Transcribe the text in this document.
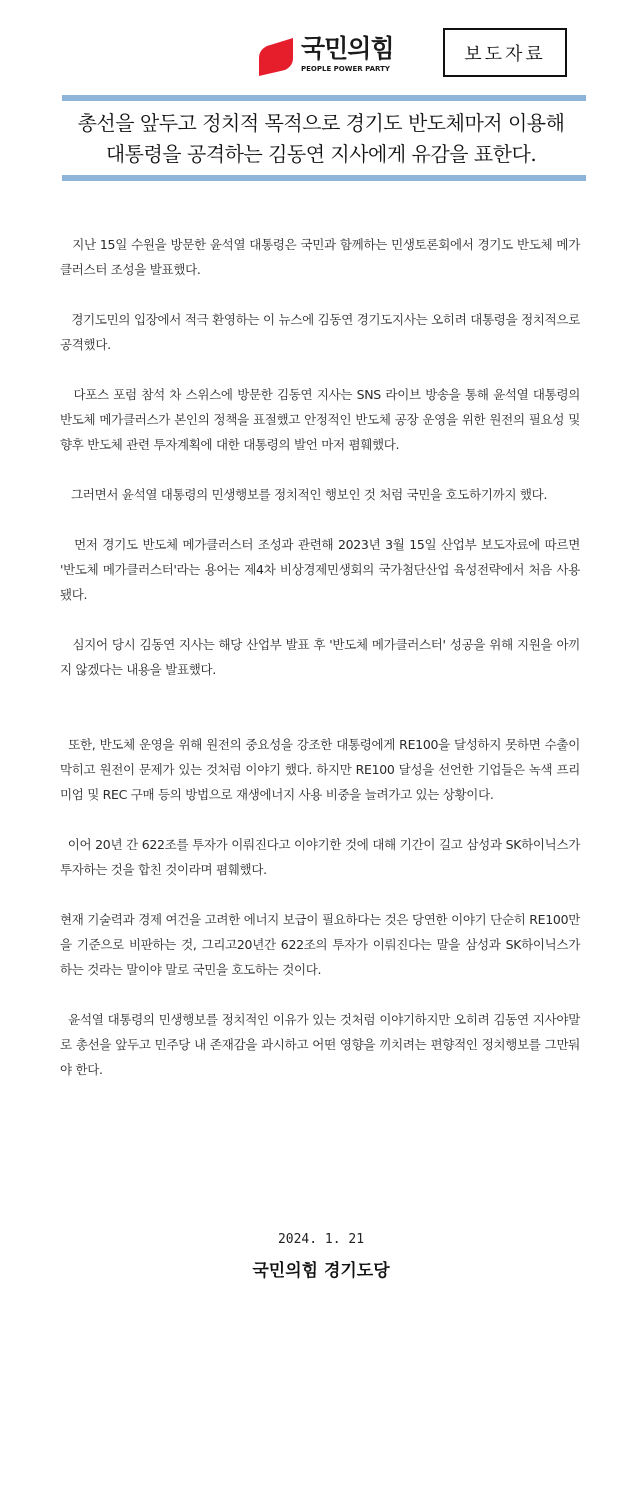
국민의힘
PEOPLE POWER PARTY
보도자료
총선을 앞두고 정치적 목적으로 경기도 반도체마저 이용해
대통령을 공격하는 김동연 지사에게 유감을 표한다.

지난 15일 수원을 방문한 윤석열 대통령은 국민과 함께하는 민생토론회에서 경기도 반도체 메가클러스터 조성을 발표했다.

경기도민의 입장에서 적극 환영하는 이 뉴스에 김동연 경기도지사는 오히려 대통령을 정치적으로 공격했다.

다포스 포럼 참석 차 스위스에 방문한 김동연 지사는 SNS 라이브 방송을 통해 윤석열 대통령의 반도체 메가클러스가 본인의 정책을 표절했고 안정적인 반도체 공장 운영을 위한 원전의 필요성 및 향후 반도체 관련 투자계획에 대한 대통령의 발언 마저 폄훼했다.

그러면서 윤석열 대통령의 민생행보를 정치적인 행보인 것 처럼 국민을 호도하기까지 했다.

먼저 경기도 반도체 메가클러스터 조성과 관련해 2023년 3월 15일 산업부 보도자료에 따르면 '반도체 메가클러스터'라는 용어는 제4차 비상경제민생회의 국가첨단산업 육성전략에서 처음 사용됐다.

심지어 당시 김동연 지사는 해당 산업부 발표 후 '반도체 메가클러스터' 성공을 위해 지원을 아끼지 않겠다는 내용을 발표했다.

또한, 반도체 운영을 위해 원전의 중요성을 강조한 대통령에게 RE100을 달성하지 못하면 수출이 막히고 원전이 문제가 있는 것처럼 이야기 했다. 하지만 RE100 달성을 선언한 기업들은 녹색 프리미엄 및 REC 구매 등의 방법으로 재생에너지 사용 비중을 늘려가고 있는 상황이다.

이어 20년 간 622조를 투자가 이뤄진다고 이야기한 것에 대해 기간이 길고 삼성과 SK하이닉스가 투자하는 것을 합친 것이라며 폄훼했다.

현재 기술력과 경제 여건을 고려한 에너지 보급이 필요하다는 것은 당연한 이야기 단순히 RE100만을 기준으로 비판하는 것, 그리고20년간 622조의 투자가 이뤄진다는 말을 삼성과 SK하이닉스가 하는 것라는 말이야 말로 국민을 호도하는 것이다.

윤석열 대통령의 민생행보를 정치적인 이유가 있는 것처럼 이야기하지만 오히려 김동연 지사야말로 총선을 앞두고 민주당 내 존재감을 과시하고 어떤 영향을 끼치려는 편향적인 정치행보를 그만둬야 한다.

2024. 1. 21
국민의힘 경기도당
